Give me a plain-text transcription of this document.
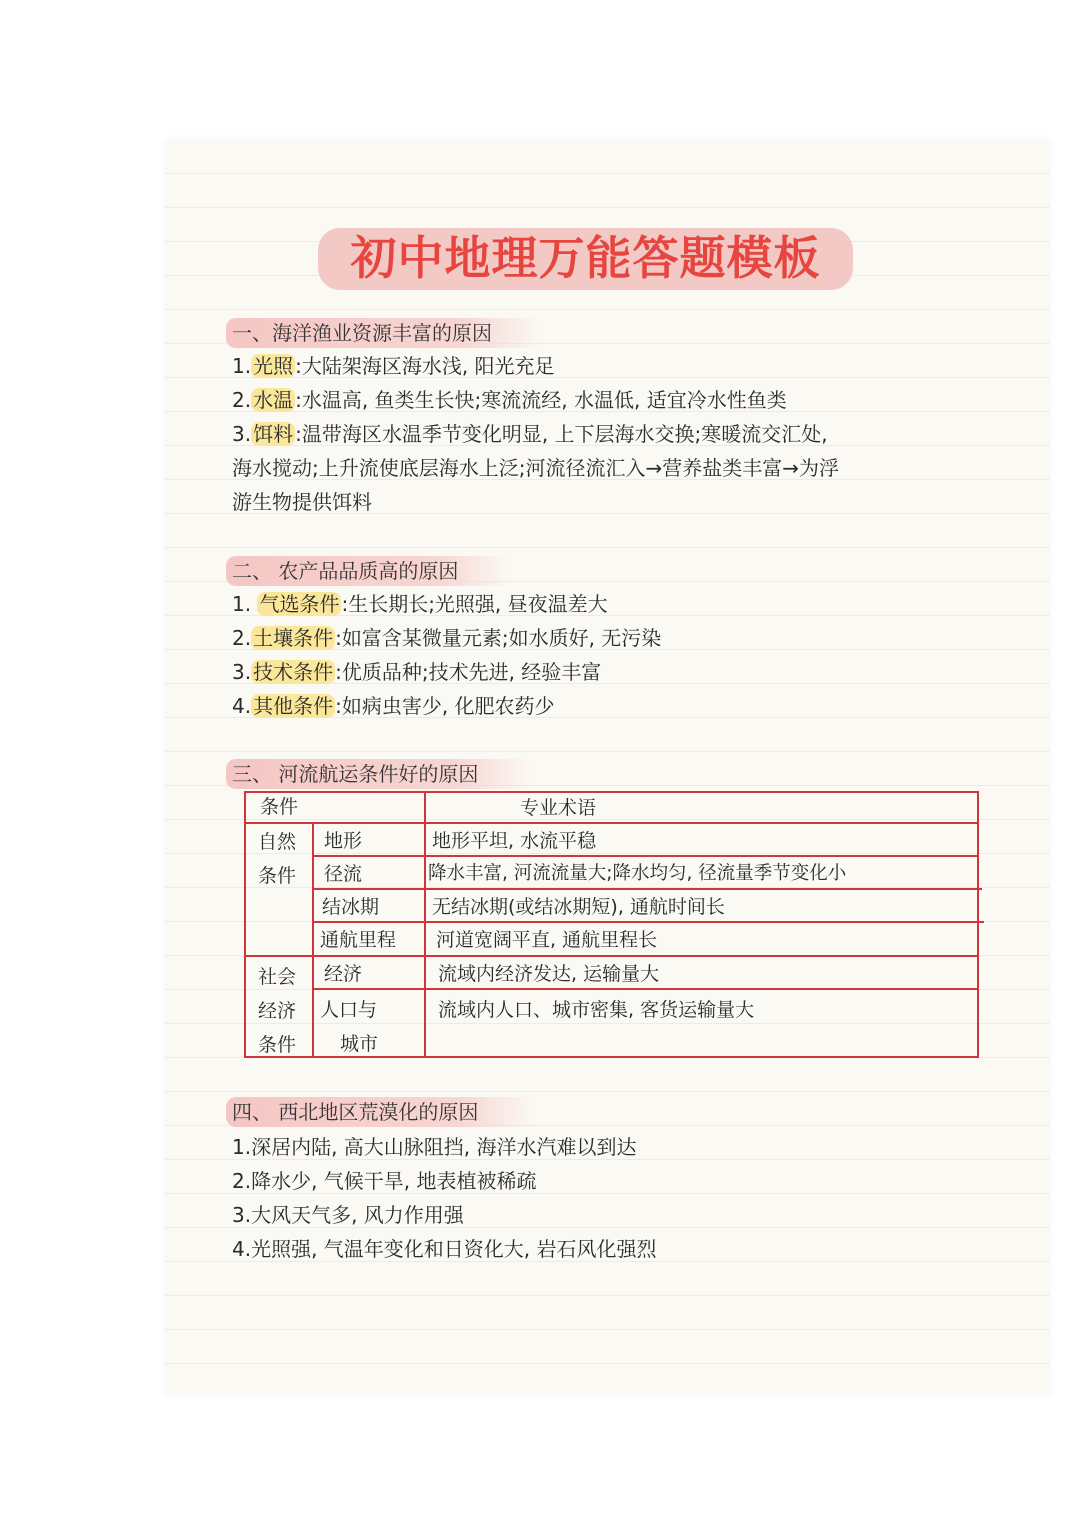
初中地理万能答题模板
一、海洋渔业资源丰富的原因
1. 光照 :大陆架海区海水浅, 阳光充足
2. 水温 :水温高, 鱼类生长快;寒流流经, 水温低, 适宜冷水性鱼类
3. 饵料 :温带海区水温季节变化明显, 上下层海水交换;寒暖流交汇处,
海水搅动;上升流使底层海水上泛;河流径流汇入→营养盐类丰富→为浮
游生物提供饵料
二、 农产品品质高的原因
1. 气选条件 :生长期长;光照强, 昼夜温差大
2. 土壤条件 :如富含某微量元素;如水质好, 无污染
3. 技术条件 :优质品种;技术先进, 经验丰富
4. 其他条件 :如病虫害少, 化肥农药少
三、 河流航运条件好的原因
条件	专业术语
自然
条件
社会
经济
条件
地形
径流
结冰期
通航里程
经济
人口与
城市
地形平坦, 水流平稳
降水丰富, 河流流量大;降水均匀, 径流量季节变化小
无结冰期(或结冰期短), 通航时间长
河道宽阔平直, 通航里程长
流域内经济发达, 运输量大
流域内人口、城市密集, 客货运输量大
四、 西北地区荒漠化的原因
1.深居内陆, 高大山脉阻挡, 海洋水汽难以到达
2.降水少, 气候干旱, 地表植被稀疏
3.大风天气多, 风力作用强
4.光照强, 气温年变化和日资化大, 岩石风化强烈
